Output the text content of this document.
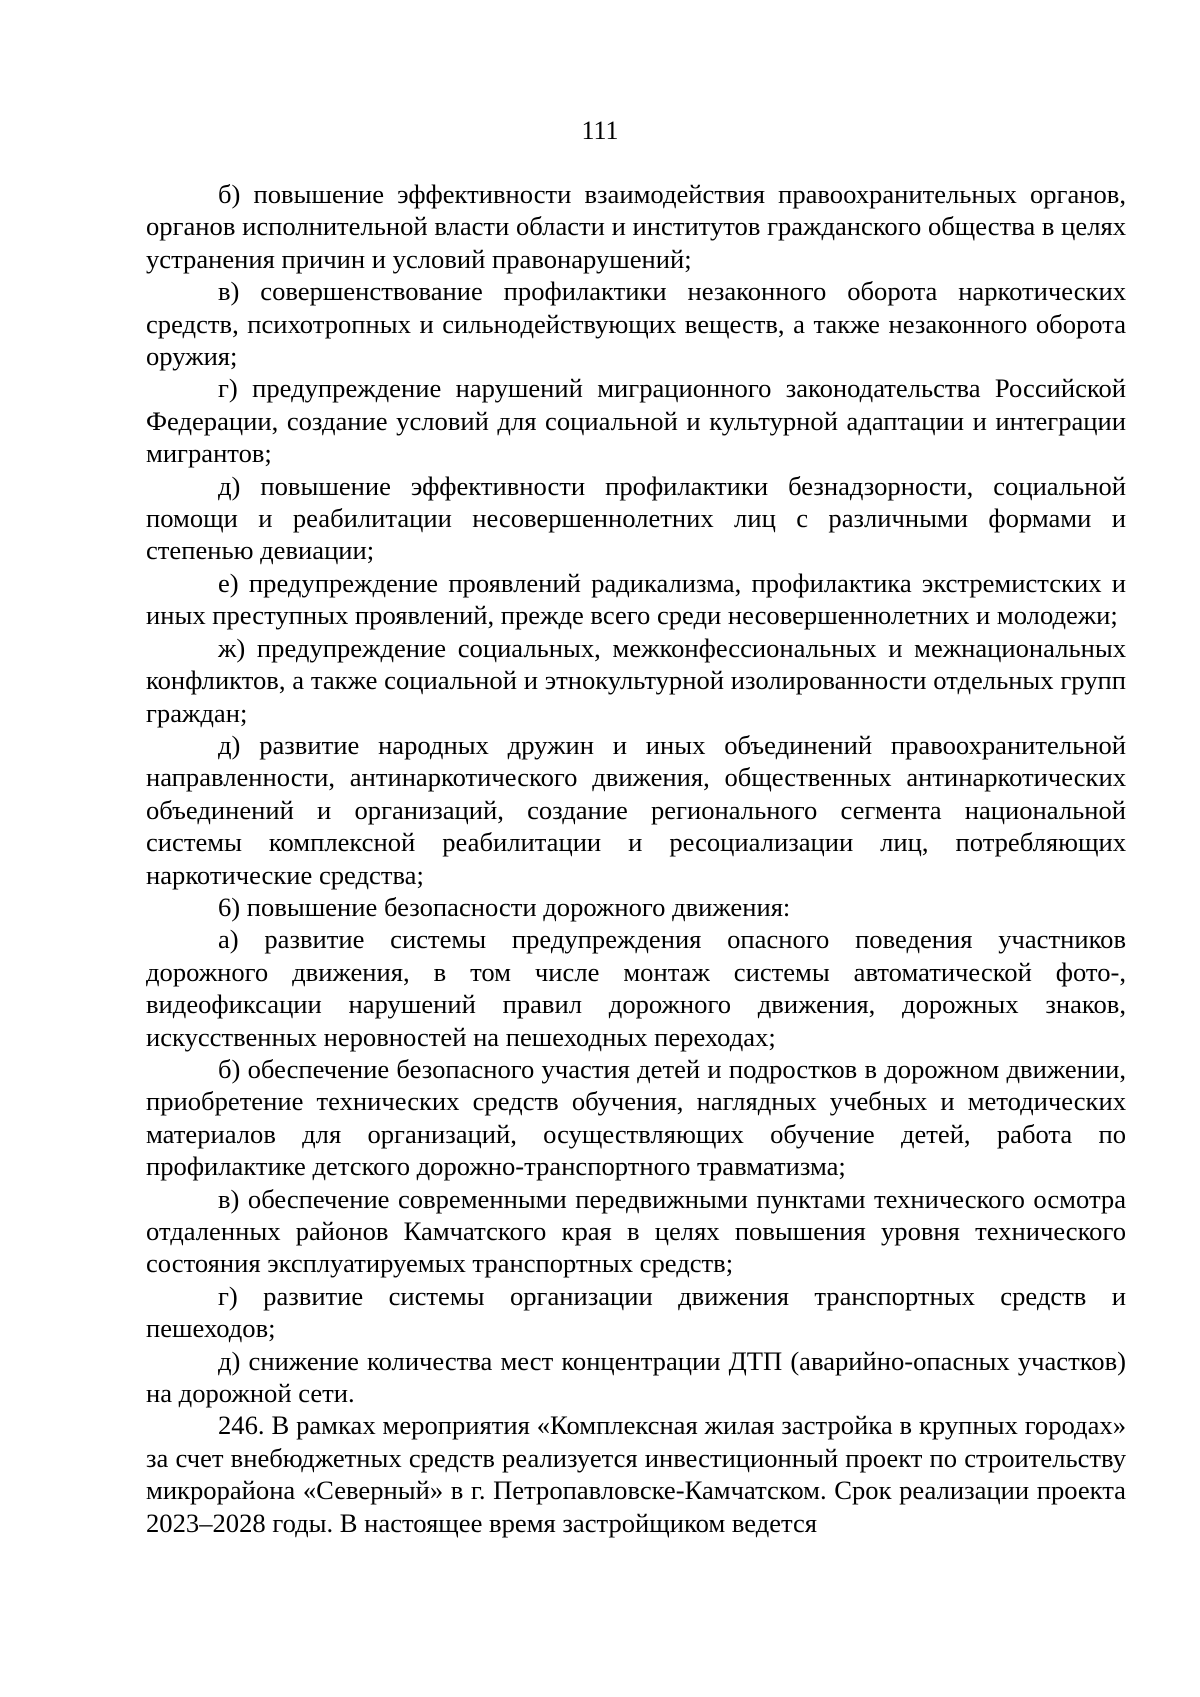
111

б) повышение эффективности взаимодействия правоохранительных органов, органов исполнительной власти области и институтов гражданского общества в целях устранения причин и условий правонарушений;

в) совершенствование профилактики незаконного оборота наркотических средств, психотропных и сильнодействующих веществ, а также незаконного оборота оружия;

г) предупреждение нарушений миграционного законодательства Российской Федерации, создание условий для социальной и культурной адаптации и интеграции мигрантов;

д) повышение эффективности профилактики безнадзорности, социальной помощи и реабилитации несовершеннолетних лиц с различными формами и степенью девиации;

е) предупреждение проявлений радикализма, профилактика экстремистских и иных преступных проявлений, прежде всего среди несовершеннолетних и молодежи;

ж) предупреждение социальных, межконфессиональных и межнациональных конфликтов, а также социальной и этнокультурной изолированности отдельных групп граждан;

д) развитие народных дружин и иных объединений правоохранительной направленности, антинаркотического движения, общественных антинаркотических объединений и организаций, создание регионального сегмента национальной системы комплексной реабилитации и ресоциализации лиц, потребляющих наркотические средства;

6) повышение безопасности дорожного движения:

а) развитие системы предупреждения опасного поведения участников дорожного движения, в том числе монтаж системы автоматической фото-, видеофиксации нарушений правил дорожного движения, дорожных знаков, искусственных неровностей на пешеходных переходах;

б) обеспечение безопасного участия детей и подростков в дорожном движении, приобретение технических средств обучения, наглядных учебных и методических материалов для организаций, осуществляющих обучение детей, работа по профилактике детского дорожно-транспортного травматизма;

в) обеспечение современными передвижными пунктами технического осмотра отдаленных районов Камчатского края в целях повышения уровня технического состояния эксплуатируемых транспортных средств;

г) развитие системы организации движения транспортных средств и пешеходов;

д) снижение количества мест концентрации ДТП (аварийно-опасных участков) на дорожной сети.

246. В рамках мероприятия «Комплексная жилая застройка в крупных городах» за счет внебюджетных средств реализуется инвестиционный проект по строительству микрорайона «Северный» в г. Петропавловске-Камчатском. Срок реализации проекта 2023–2028 годы. В настоящее время застройщиком ведется
